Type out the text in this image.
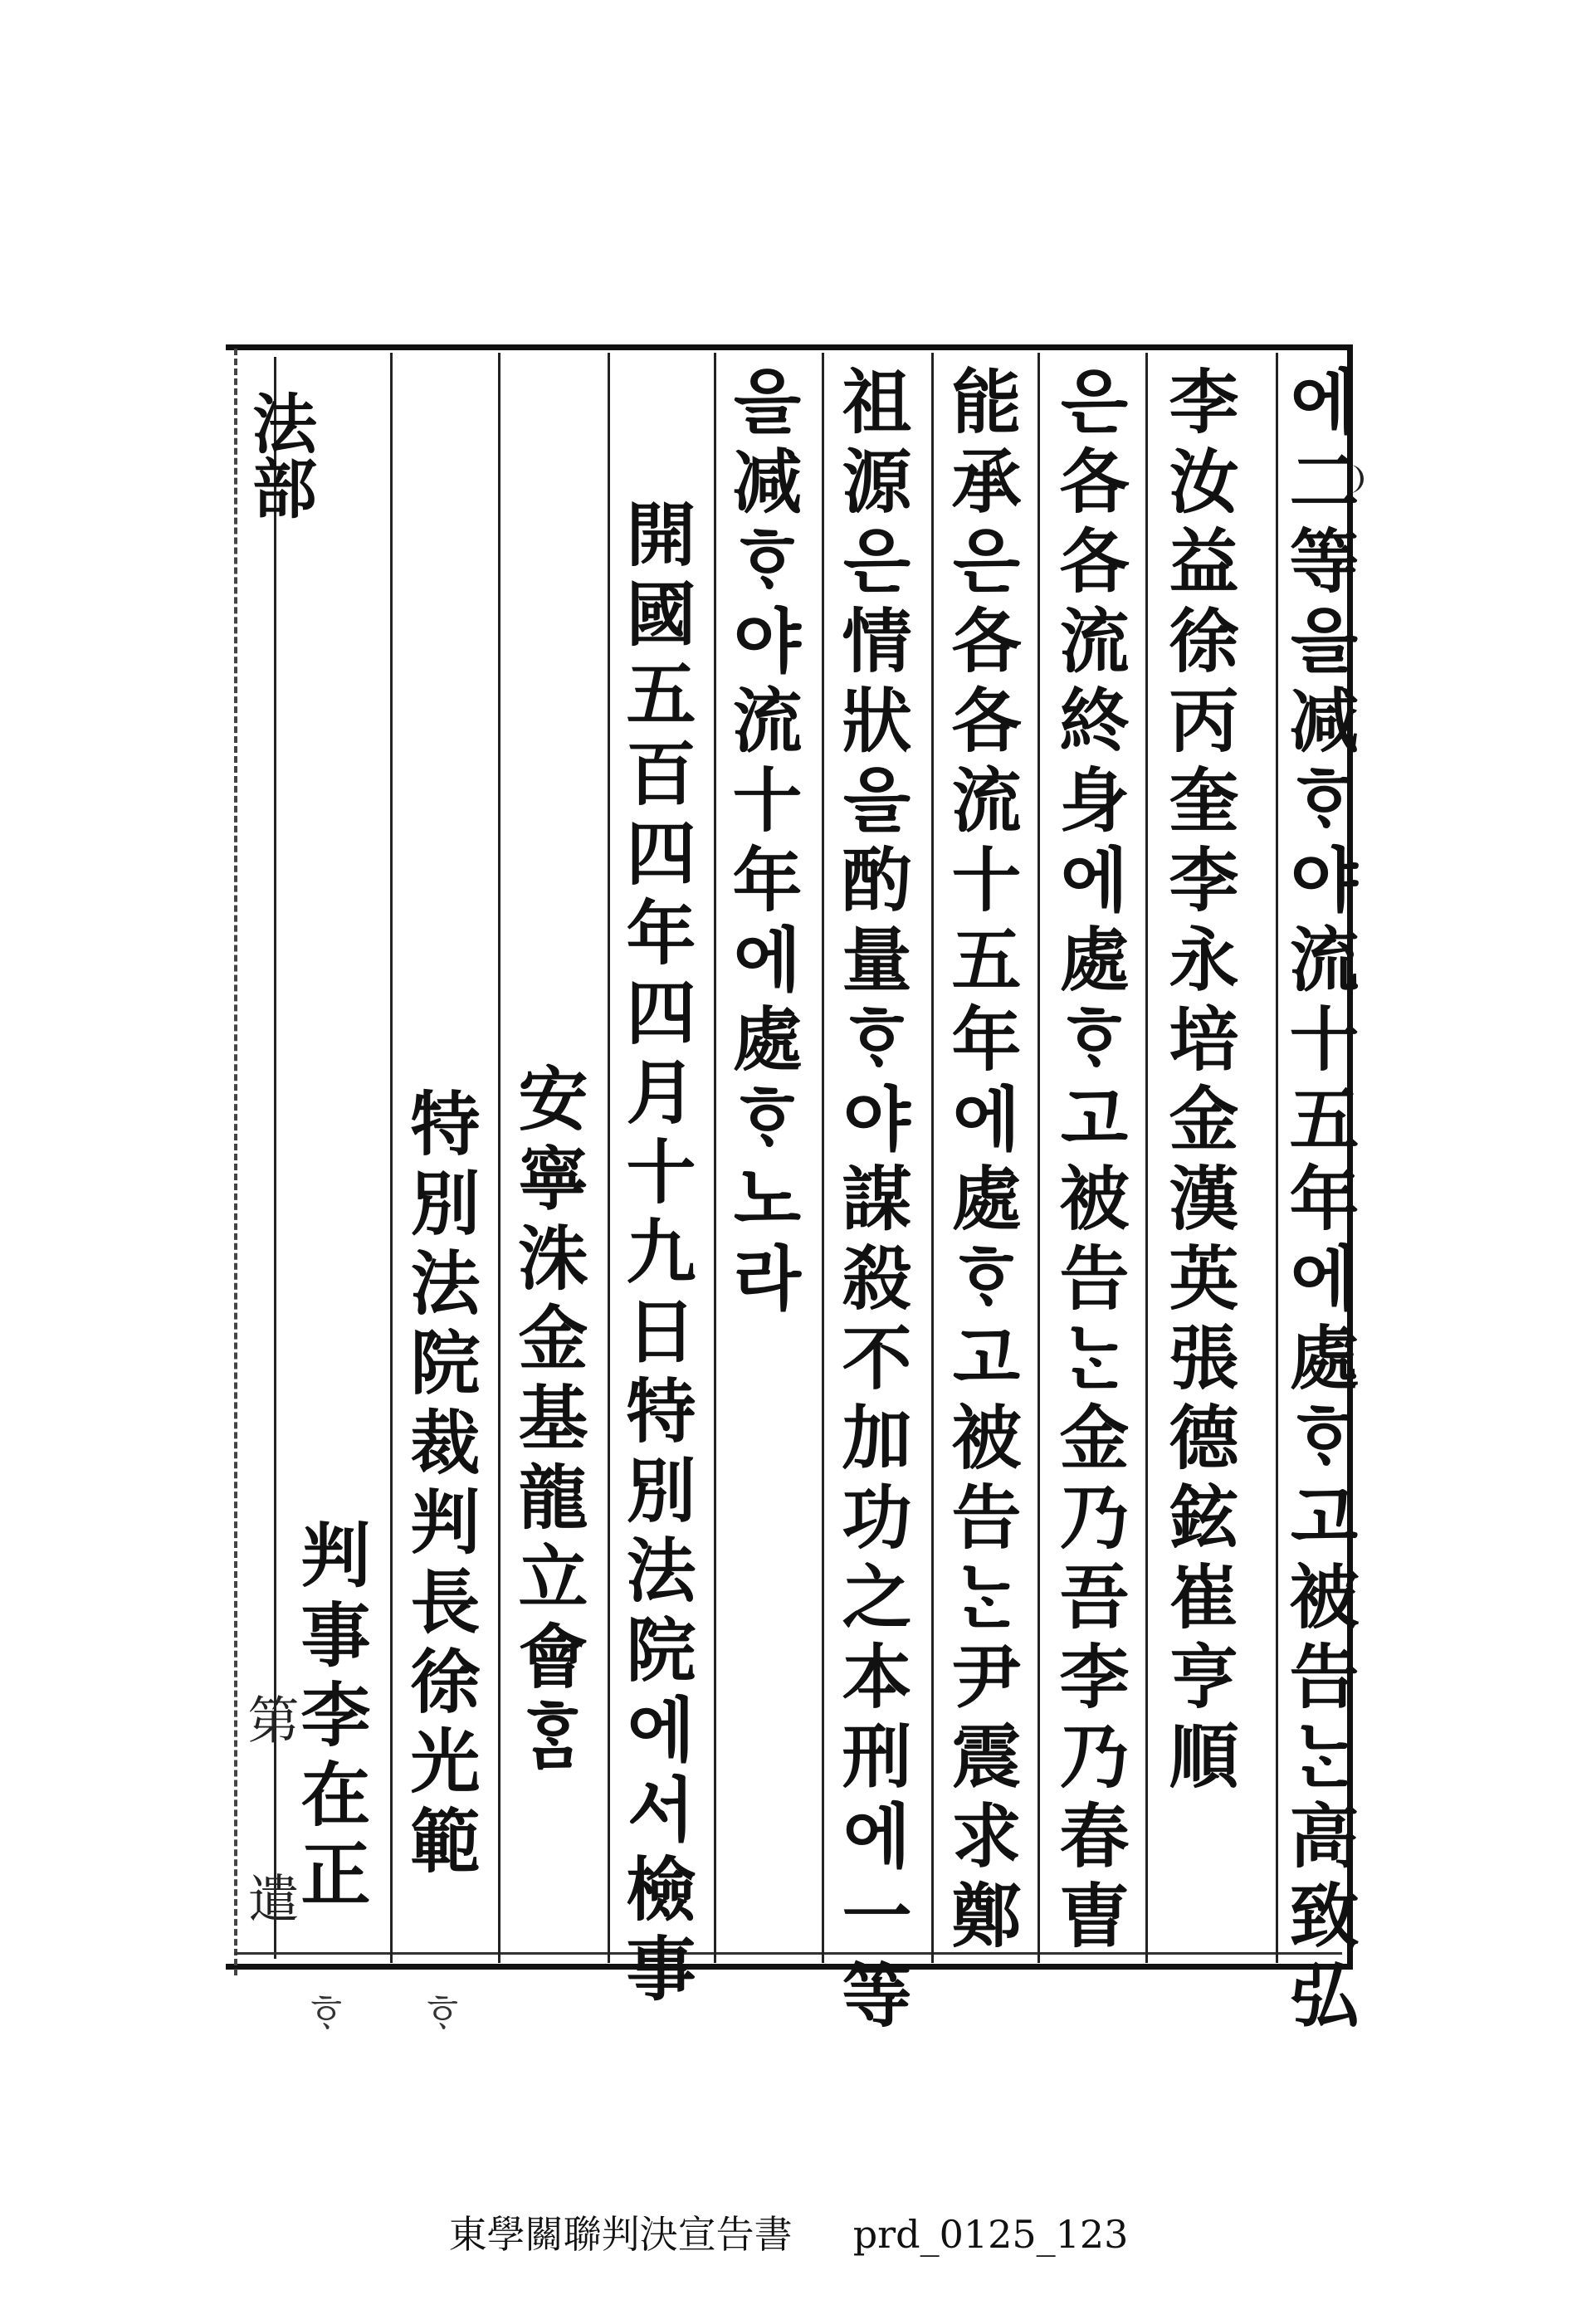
法部
第 遣	에二等을减ᄒᆞ야流十五年에處ᄒᆞ고被告ᄂᆞᆫ高致弘
李汝益徐丙奎李永培金漢英張德鉉崔亨順
은各各流終身에處ᄒᆞ고被告ᄂᆞᆫ金乃吾李乃春曺
能承은各各流十五年에處ᄒᆞ고被告ᄂᆞᆫ尹震求鄭
祖源은情狀을酌量ᄒᆞ야謀殺不加功之本刑에一等
을减ᄒᆞ야流十年에處ᄒᆞ노라
開國五百四年四月十九日特別法院에서檢事
安寧洙金基龍立會ᄒᆞᆷ
特別法院裁判長徐光範
判事李在正
ᄒᆞ ᄒᆞ
東學關聯判決宣告書 prd_0125_123
